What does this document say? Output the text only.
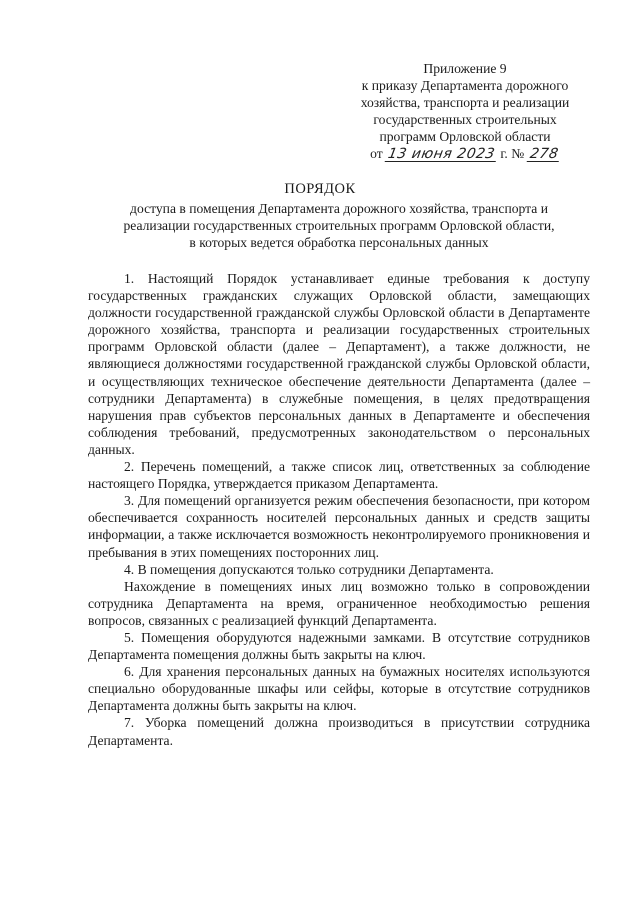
Приложение 9
к приказу Департамента дорожного
хозяйства, транспорта и реализации
государственных строительных
программ Орловской области
от 13 июня 2023 г. № 278
ПОРЯДОК
доступа в помещения Департамента дорожного хозяйства, транспорта и
реализации государственных строительных программ Орловской области,
в которых ведется обработка персональных данных

1. Настоящий Порядок устанавливает единые требования к доступу государственных гражданских служащих Орловской области, замещающих должности государственной гражданской службы Орловской области в Департаменте дорожного хозяйства, транспорта и реализации государственных строительных программ Орловской области (далее – Департамент), а также должности, не являющиеся должностями государственной гражданской службы Орловской области, и осуществляющих техническое обеспечение деятельности Департамента (далее – сотрудники Департамента) в служебные помещения, в целях предотвращения нарушения прав субъектов персональных данных в Департаменте и обеспечения соблюдения требований, предусмотренных законодательством о персональных данных.

2. Перечень помещений, а также список лиц, ответственных за соблюдение настоящего Порядка, утверждается приказом Департамента.

3. Для помещений организуется режим обеспечения безопасности, при котором обеспечивается сохранность носителей персональных данных и средств защиты информации, а также исключается возможность неконтролируемого проникновения и пребывания в этих помещениях посторонних лиц.

4. В помещения допускаются только сотрудники Департамента.

Нахождение в помещениях иных лиц возможно только в сопровождении сотрудника Департамента на время, ограниченное необходимостью решения вопросов, связанных с реализацией функций Департамента.

5. Помещения оборудуются надежными замками. В отсутствие сотрудников Департамента помещения должны быть закрыты на ключ.

6. Для хранения персональных данных на бумажных носителях используются специально оборудованные шкафы или сейфы, которые в отсутствие сотрудников Департамента должны быть закрыты на ключ.

7. Уборка помещений должна производиться в присутствии сотрудника Департамента.
